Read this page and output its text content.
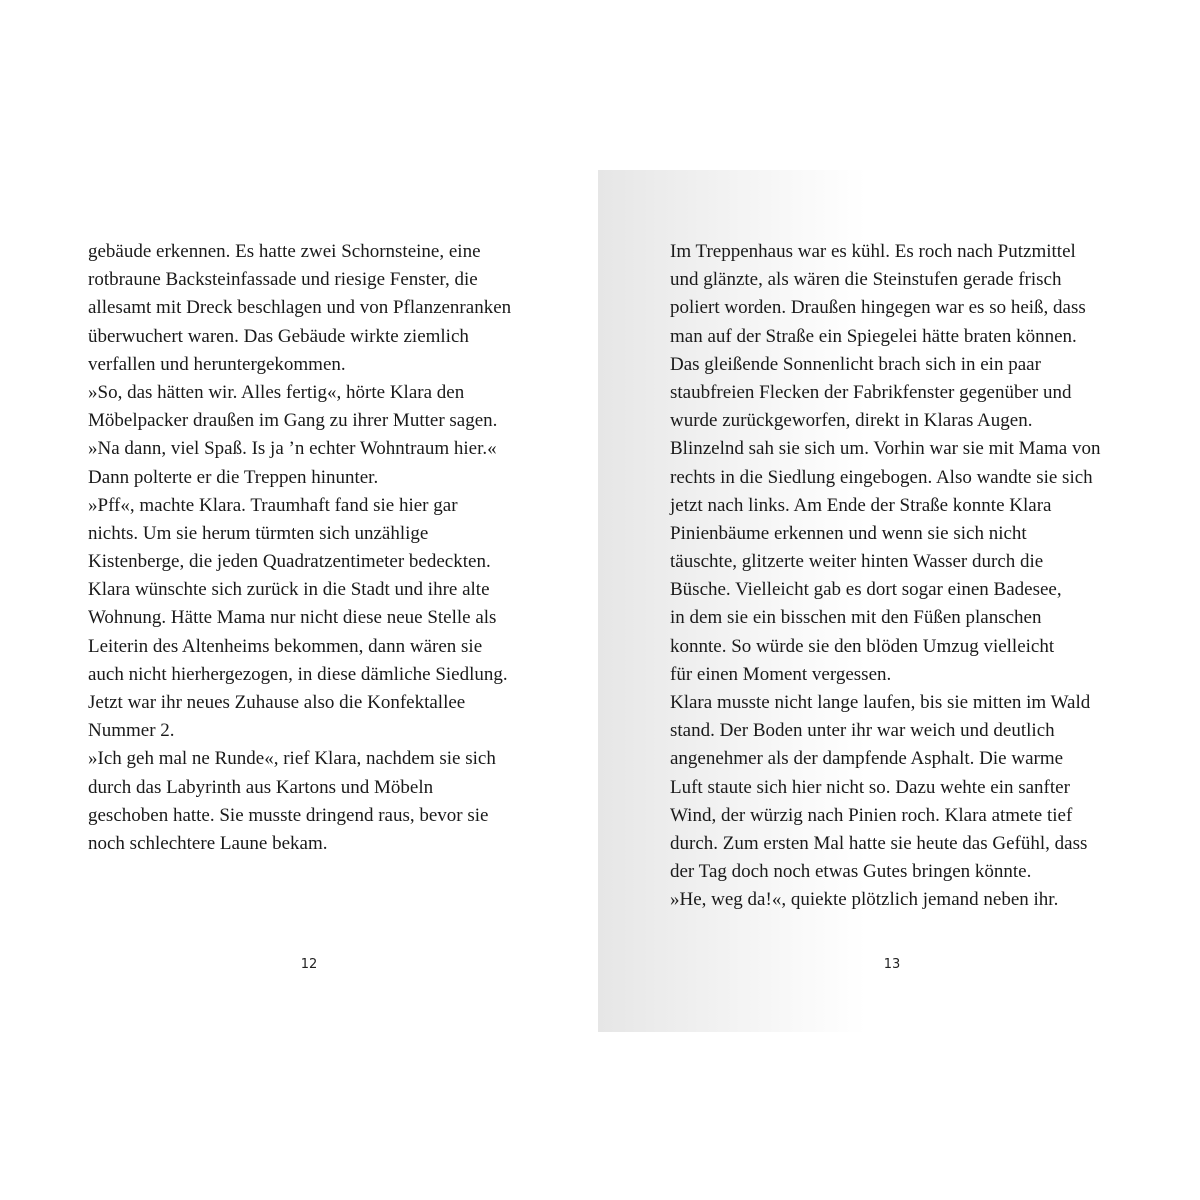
gebäude erkennen. Es hatte zwei Schornsteine, eine
rotbraune Backsteinfassade und riesige Fenster, die
allesamt mit Dreck beschlagen und von Pflanzenranken
überwuchert waren. Das Gebäude wirkte ziemlich
verfallen und heruntergekommen.
»So, das hätten wir. Alles fertig«, hörte Klara den
Möbelpacker draußen im Gang zu ihrer Mutter sagen.
»Na dann, viel Spaß. Is ja ’n echter Wohntraum hier.«
Dann polterte er die Treppen hinunter.
»Pff«, machte Klara. Traumhaft fand sie hier gar
nichts. Um sie herum türmten sich unzählige
Kistenberge, die jeden Quadratzentimeter bedeckten.
Klara wünschte sich zurück in die Stadt und ihre alte
Wohnung. Hätte Mama nur nicht diese neue Stelle als
Leiterin des Altenheims bekommen, dann wären sie
auch nicht hierhergezogen, in diese dämliche Siedlung.
Jetzt war ihr neues Zuhause also die Konfektallee
Nummer 2.
»Ich geh mal ne Runde«, rief Klara, nachdem sie sich
durch das Labyrinth aus Kartons und Möbeln
geschoben hatte. Sie musste dringend raus, bevor sie
noch schlechtere Laune bekam.
12
Im Treppenhaus war es kühl. Es roch nach Putzmittel
und glänzte, als wären die Steinstufen gerade frisch
poliert worden. Draußen hingegen war es so heiß, dass
man auf der Straße ein Spiegelei hätte braten können.
Das gleißende Sonnenlicht brach sich in ein paar
staubfreien Flecken der Fabrikfenster gegenüber und
wurde zurückgeworfen, direkt in Klaras Augen.
Blinzelnd sah sie sich um. Vorhin war sie mit Mama von
rechts in die Siedlung eingebogen. Also wandte sie sich
jetzt nach links. Am Ende der Straße konnte Klara
Pinienbäume erkennen und wenn sie sich nicht
täuschte, glitzerte weiter hinten Wasser durch die
Büsche. Vielleicht gab es dort sogar einen Badesee,
in dem sie ein bisschen mit den Füßen planschen
konnte. So würde sie den blöden Umzug vielleicht
für einen Moment vergessen.
Klara musste nicht lange laufen, bis sie mitten im Wald
stand. Der Boden unter ihr war weich und deutlich
angenehmer als der dampfende Asphalt. Die warme
Luft staute sich hier nicht so. Dazu wehte ein sanfter
Wind, der würzig nach Pinien roch. Klara atmete tief
durch. Zum ersten Mal hatte sie heute das Gefühl, dass
der Tag doch noch etwas Gutes bringen könnte.
»He, weg da!«, quiekte plötzlich jemand neben ihr.
13
